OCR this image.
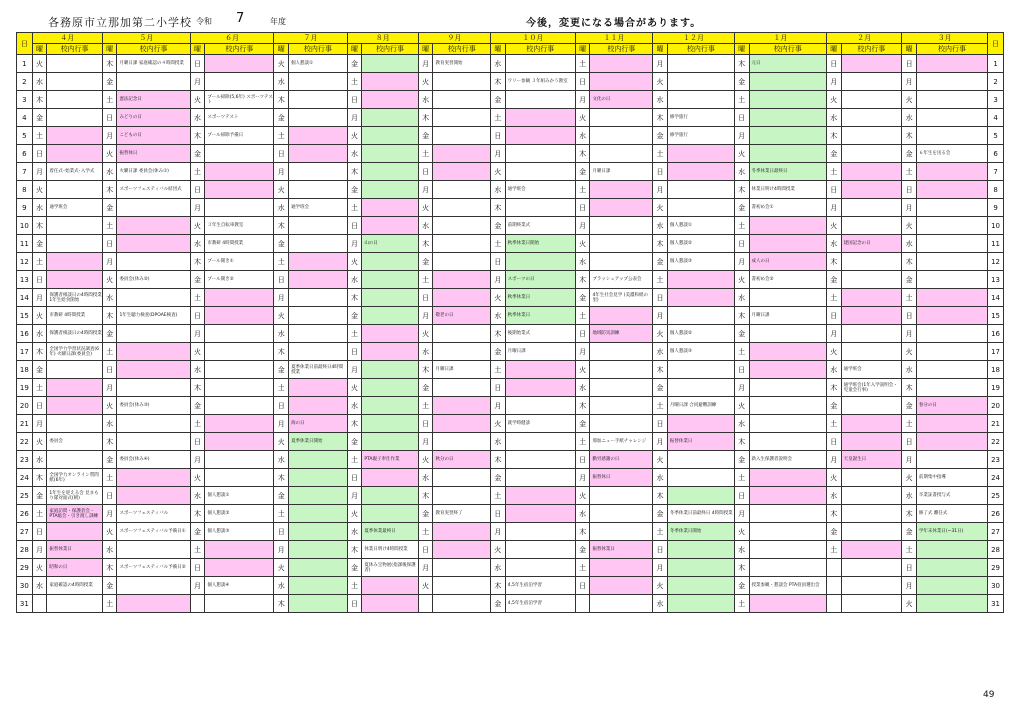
各務原市立那加第二小学校 令和 7	年度	今後，変更になる場合があります。
日	４月		５月		６月		７月		８月		９月		１０月		１１月		１２月		１月		２月		３月		日
	曜	校内行事	曜	校内行事	曜	校内行事	曜	校内行事	曜	校内行事	曜	校内行事	曜	校内行事	曜	校内行事	曜	校内行事	曜	校内行事	曜	校内行事	曜	校内行事	
1	火		木	月曜日課 家庭確認の４時間授業	日		火	個人懇談①	金		月	教育実習開始	水		土		月		木	元日	日		日		1
2	水		金		月		水		土		火		木	ワリー参観 ３年組みかう教室	日		火		金		月		月		2
3	木		土	憲法記念日	火	プール掃除(5,6年) スポーツテスト	木		日		水		金		月	文化の日	水		土		火		火		3
4	金		日	みどりの日	水	スポーツテスト	金		月		木		土		火		木	修学旅行	日		水		水		4
5	土		月	こどもの日	木	プール掃除予備日	土		火		金		日		水		金	修学旅行	月		木		木		5
6	日		火	振替休日	金		日		水		土		月		木		土		火		金		金	６年生を送る会	6
7	月	着任式･始業式･入学式	水	火曜日課 委員会(休み①)	土		月		木		日		火		金	月曜日課	日		水	冬季休業日最終日	土		土		7
8	火		木	スポーツフェスティバル結団式	日		火		金		月		水	通学班会	土		月		木	休業日明け4時間授業	日		日		8
9	水	通学班会	金		月		水	通学班会	土		火		木		日		火		金	書初め会①	月		月		9
10	木		土		火	３年生自転車教室	木		日		水		金	前期終業式	月		水	個人懇談①	土		火		火		10
11	金		日		水	市教研 4時間授業	金		月	山の日	木		土	秋季休業日開始	火		木	個人懇談②	日		水	建国記念の日	水		11
12	土		月		木	プール開き①	土		火		金		日		水		金	個人懇談③	月	成人の日	木		木		12
13	日		火	委員会(休み②)	金	プール開き②	日		水		土		月	スポーツの日	木	ブラッシュアップ公表会	土		火	書初め会②	金		金		13
14	月	保護者相談日の4時間授業 1年生給食開始	水		土		月		木		日		火	秋季休業日	金	4年生社会見学 (美濃和紙の里)	日		水		土		土		14
15	火	市教研 4時間授業	木	1年生聴力検査(DPOAE検査)	日		火		金		月	敬老の日	水	秋季休業日	土		月		木	月曜日課	日		日		15
16	水	保護者相談日の4時間授業	金		月		水		土		火		木	後期始業式	日	地域防災訓練	火	個人懇談②	金		月		月		16
17	木	全国学力学習状況調査(6年) 火曜日課(委員会)	土		火		木		日		水		金	月曜日課	月		水	個人懇談③	土		火		火		17
18	金		日		水		金	夏季休業日前最終日4時間授業	月		木	月曜日課	土		火		木		日		水	通学班会	水		18
19	土		月		木		土		火		金		日		水		金		月		木	通学班会(1年入学説明会・児童会行事)	木		19
20	日		火	委員会(休み③)	金		日		水		土		月		木		土	月曜日課 合同避難訓練	火		金		金	春分の日	20
21	月		水		土		月	海の日	木		日		火	就学時健診	金		日		水		土		土		21
22	火	委員会	木		日		火	夏季休業日開始	金		月		水		土	那加ニュー手紙チャレンジ	月	振替休業日	木		日		日		22
23	水		金	委員会(休み④)	月		水		土	PTA親子奉仕作業	火	秋分の日	木		日	勤労感謝の日	火		金	新入生保護者説明会	月	天皇誕生日	月		23
24	木	全国学力オンライン質問紙(6年)	土		火		木		日		水		金		月	振替休日	水		土		火		火	前期集中指導	24
25	金	1年生を迎える会 見まもり隊対面式(朝)	日		水	個人懇談①	金		月		木		土		火		木		日		水		水	卒業証書授与式	25
26	土	家庭訪問・保護者会・PTA総会・引き渡し訓練	月	スポーツフェスティバル	木	個人懇談②	土		火		金	教育実習終了	日		水		金	冬季休業日前最終日 4時間授業	月		木		木	修了式 離任式	26
27	日		火	スポーツフェスティバル予備日①	金	個人懇談③	日		水	夏季休業最終日	土		月		木		土	冬季休業日開始	火		金		金	学年末休業日(~31日)	27
28	月	振替休業日	水		土		月		木	休業日明け4時間授業	日		火		金	振替休業日	日		水		土		土		28
29	火	昭和の日	木	スポーツフェスティバル予備日②	日		火		金	夏休み宝物展(指課後保護者)	月		水		土		月		木				日		29
30	水	家庭確認の4時間授業	金		月	個人懇談④	水		土		火		木	4,5年生宿泊学習	日		火		金	授業参観・懇談会 PTA役員選出会			月		30
31			土				木		日				金	4,5年生宿泊学習			水		土				火		31
49
